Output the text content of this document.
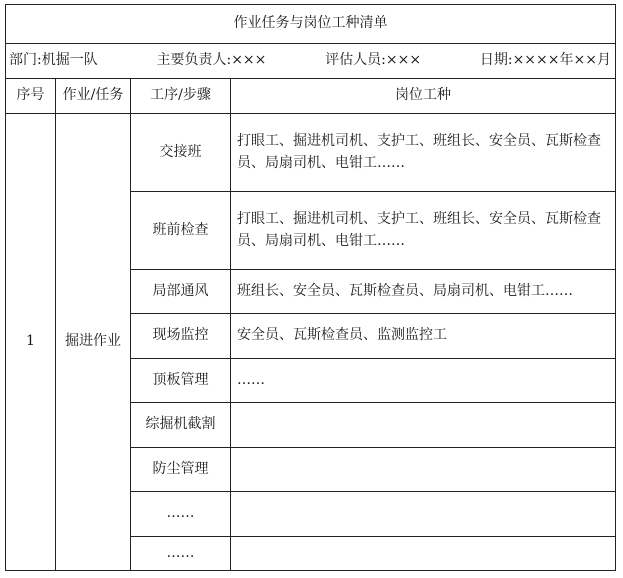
作业任务与岗位工种清单			

部门:机掘一队 主要负责人:××× 评估人员:××× 日期:××××年××月			

序号	作业/任务	工序/步骤	岗位工种
1	掘进作业	交接班	打眼工、掘进机司机、支护工、班组长、安全员、瓦斯检查员、局扇司机、电钳工……
		班前检查	打眼工、掘进机司机、支护工、班组长、安全员、瓦斯检查员、局扇司机、电钳工……
		局部通风	班组长、安全员、瓦斯检查员、局扇司机、电钳工……
		现场监控	安全员、瓦斯检查员、监测监控工
		顶板管理	……
		综掘机截割	
		防尘管理	
		……	
		……	
